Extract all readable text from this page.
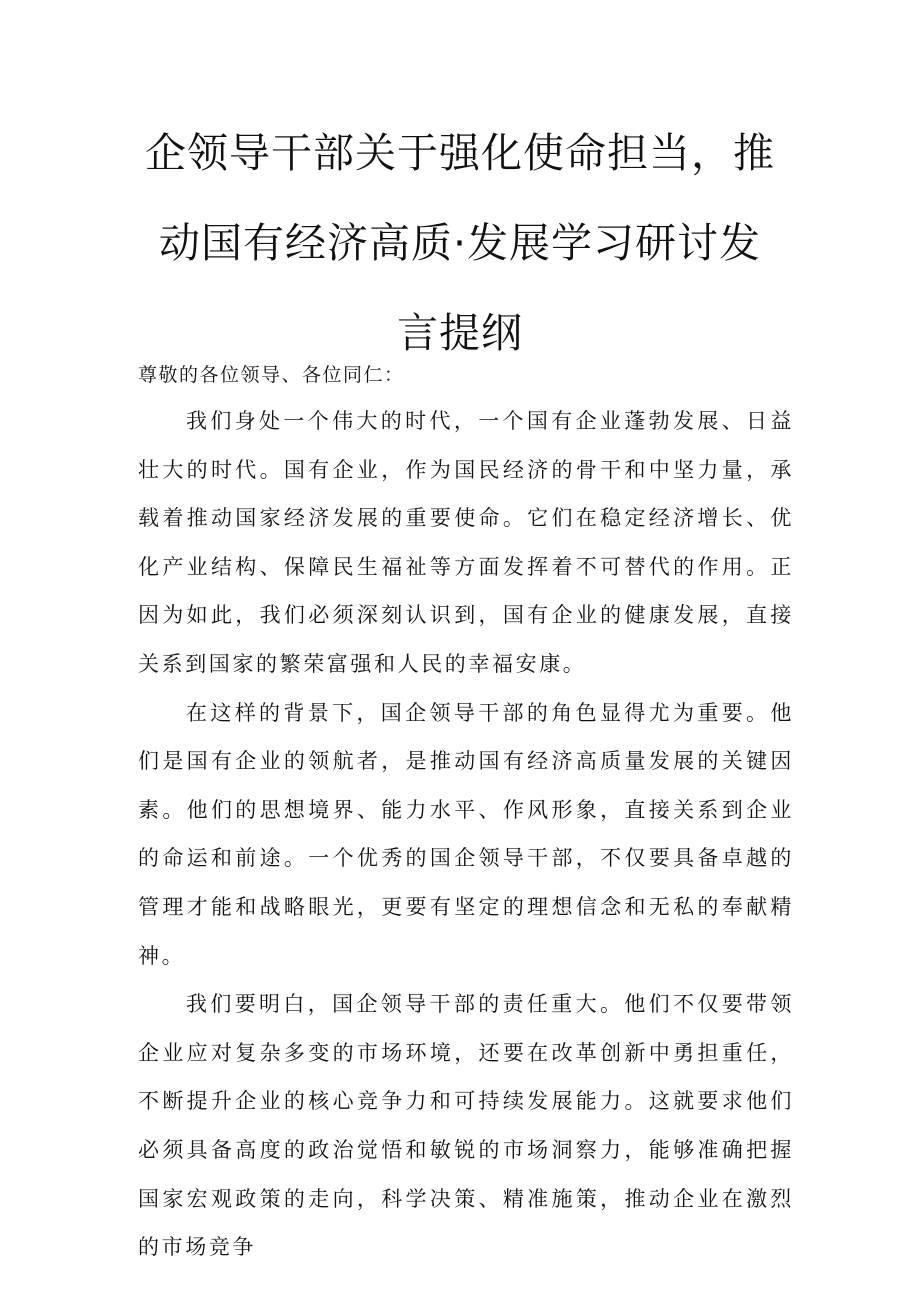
企领导干部关于强化使命担当，推
动国有经济高质·发展学习研讨发
言提纲

尊敬的各位领导、各位同仁：

我们身处一个伟大的时代，一个国有企业蓬勃发展、日益壮大的时代。国有企业，作为国民经济的骨干和中坚力量，承载着推动国家经济发展的重要使命。它们在稳定经济增长、优化产业结构、保障民生福祉等方面发挥着不可替代的作用。正因为如此，我们必须深刻认识到，国有企业的健康发展，直接关系到国家的繁荣富强和人民的幸福安康。

在这样的背景下，国企领导干部的角色显得尤为重要。他们是国有企业的领航者，是推动国有经济高质量发展的关键因素。他们的思想境界、能力水平、作风形象，直接关系到企业的命运和前途。一个优秀的国企领导干部，不仅要具备卓越的管理才能和战略眼光，更要有坚定的理想信念和无私的奉献精神。

我们要明白，国企领导干部的责任重大。他们不仅要带领企业应对复杂多变的市场环境，还要在改革创新中勇担重任，不断提升企业的核心竞争力和可持续发展能力。这就要求他们必须具备高度的政治觉悟和敏锐的市场洞察力，能够准确把握国家宏观政策的走向，科学决策、精准施策，推动企业在激烈的市场竞争
